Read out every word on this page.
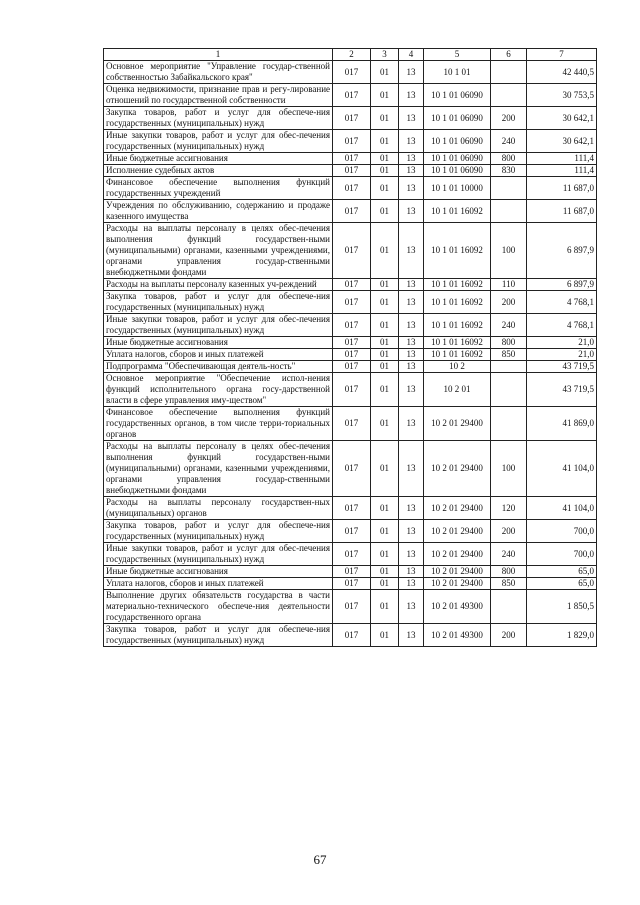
1	2	3	4	5	6	7
Основное мероприятие "Управление государ-ственной собственностью Забайкальского края"	017	01	13	10 1 01		42 440,5
Оценка недвижимости, признание прав и регу-лирование отношений по государственной собственности	017	01	13	10 1 01 06090		30 753,5
Закупка товаров, работ и услуг для обеспече-ния государственных (муниципальных) нужд	017	01	13	10 1 01 06090	200	30 642,1
Иные закупки товаров, работ и услуг для обес-печения государственных (муниципальных) нужд	017	01	13	10 1 01 06090	240	30 642,1
Иные бюджетные ассигнования	017	01	13	10 1 01 06090	800	111,4
Исполнение судебных актов	017	01	13	10 1 01 06090	830	111,4
Финансовое обеспечение выполнения функций государственных учреждений	017	01	13	10 1 01 10000		11 687,0
Учреждения по обслуживанию, содержанию и продаже казенного имущества	017	01	13	10 1 01 16092		11 687,0
Расходы на выплаты персоналу в целях обес-печения выполнения функций государствен-ными (муниципальными) органами, казенными учреждениями, органами управления государ-ственными внебюджетными фондами	017	01	13	10 1 01 16092	100	6 897,9
Расходы на выплаты персоналу казенных уч-реждений	017	01	13	10 1 01 16092	110	6 897,9
Закупка товаров, работ и услуг для обеспече-ния государственных (муниципальных) нужд	017	01	13	10 1 01 16092	200	4 768,1
Иные закупки товаров, работ и услуг для обес-печения государственных (муниципальных) нужд	017	01	13	10 1 01 16092	240	4 768,1
Иные бюджетные ассигнования	017	01	13	10 1 01 16092	800	21,0
Уплата налогов, сборов и иных платежей	017	01	13	10 1 01 16092	850	21,0
Подпрограмма "Обеспечивающая деятель-ность"	017	01	13	10 2		43 719,5
Основное мероприятие "Обеспечение испол-нения функций исполнительного органа госу-дарственной власти в сфере управления иму-ществом"	017	01	13	10 2 01		43 719,5
Финансовое обеспечение выполнения функций государственных органов, в том числе терри-ториальных органов	017	01	13	10 2 01 29400		41 869,0
Расходы на выплаты персоналу в целях обес-печения выполнения функций государствен-ными (муниципальными) органами, казенными учреждениями, органами управления государ-ственными внебюджетными фондами	017	01	13	10 2 01 29400	100	41 104,0
Расходы на выплаты персоналу государствен-ных (муниципальных) органов	017	01	13	10 2 01 29400	120	41 104,0
Закупка товаров, работ и услуг для обеспече-ния государственных (муниципальных) нужд	017	01	13	10 2 01 29400	200	700,0
Иные закупки товаров, работ и услуг для обес-печения государственных (муниципальных) нужд	017	01	13	10 2 01 29400	240	700,0
Иные бюджетные ассигнования	017	01	13	10 2 01 29400	800	65,0
Уплата налогов, сборов и иных платежей	017	01	13	10 2 01 29400	850	65,0
Выполнение других обязательств государства в части материально-технического обеспече-ния деятельности государственного органа	017	01	13	10 2 01 49300		1 850,5
Закупка товаров, работ и услуг для обеспече-ния государственных (муниципальных) нужд	017	01	13	10 2 01 49300	200	1 829,0
67
